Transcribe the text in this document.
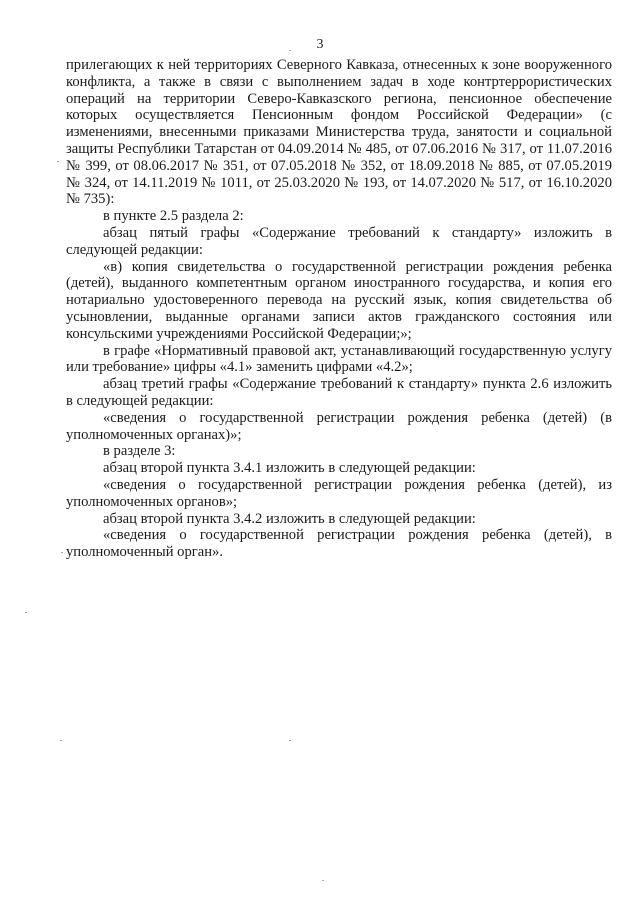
3

прилегающих к ней территориях Северного Кавказа, отнесенных к зоне вооруженного конфликта, а также в связи с выполнением задач в ходе контртеррористических операций на территории Северо-Кавказского региона, пенсионное обеспечение которых осуществляется Пенсионным фондом Российской Федерации» (с изменениями, внесенными приказами Министерства труда, занятости и социальной защиты Республики Татарстан от 04.09.2014 № 485, от 07.06.2016 № 317, от 11.07.2016 № 399, от 08.06.2017 № 351, от 07.05.2018 № 352, от 18.09.2018 № 885, от 07.05.2019 № 324, от 14.11.2019 № 1011, от 25.03.2020 № 193, от 14.07.2020 № 517, от 16.10.2020 № 735):

в пункте 2.5 раздела 2:

абзац пятый графы «Содержание требований к стандарту» изложить в следующей редакции:

«в) копия свидетельства о государственной регистрации рождения ребенка (детей), выданного компетентным органом иностранного государства, и копия его нотариально удостоверенного перевода на русский язык, копия свидетельства об усыновлении, выданные органами записи актов гражданского состояния или консульскими учреждениями Российской Федерации;»;

в графе «Нормативный правовой акт, устанавливающий государственную услугу или требование» цифры «4.1» заменить цифрами «4.2»;

абзац третий графы «Содержание требований к стандарту» пункта 2.6 изложить в следующей редакции:

«сведения о государственной регистрации рождения ребенка (детей) (в уполномоченных органах)»;

в разделе 3:

абзац второй пункта 3.4.1 изложить в следующей редакции:

«сведения о государственной регистрации рождения ребенка (детей), из уполномоченных органов»;

абзац второй пункта 3.4.2 изложить в следующей редакции:

«сведения о государственной регистрации рождения ребенка (детей), в уполномоченный орган».
